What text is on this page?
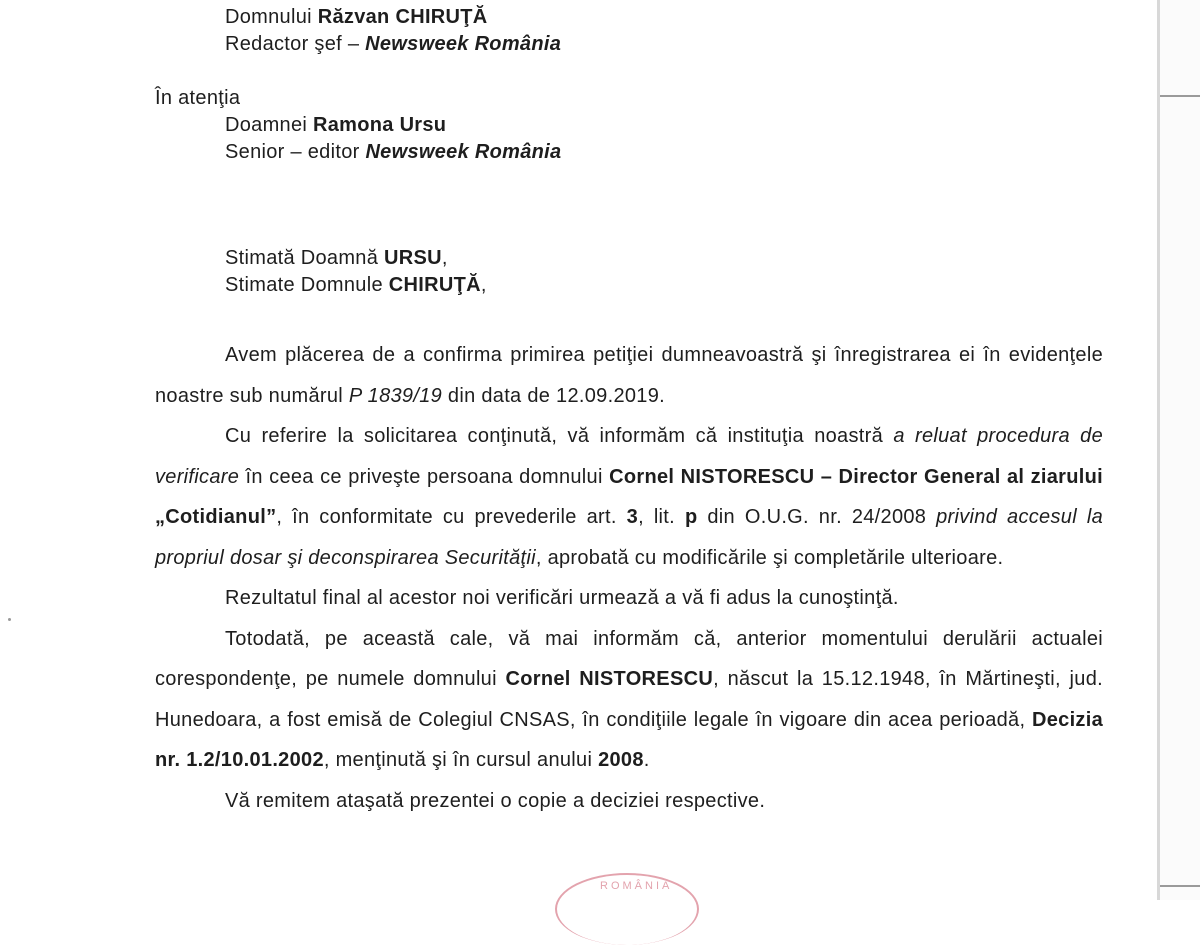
Domnului Răzvan CHIRUŢĂ
Redactor şef – Newsweek România
În atenţia
Doamnei Ramona Ursu
Senior – editor Newsweek România
Stimată Doamnă URSU,
Stimate Domnule CHIRUŢĂ,

Avem plăcerea de a confirma primirea petiţiei dumneavoastră şi înregistrarea ei în evidenţele noastre sub numărul P 1839/19 din data de 12.09.2019.

Cu referire la solicitarea conţinută, vă informăm că instituţia noastră a reluat procedura de verificare în ceea ce priveşte persoana domnului Cornel NISTORESCU – Director General al ziarului „Cotidianul”, în conformitate cu prevederile art. 3, lit. p din O.U.G. nr. 24/2008 privind accesul la propriul dosar şi deconspirarea Securităţii, aprobată cu modificările şi completările ulterioare.

Rezultatul final al acestor noi verificări urmează a vă fi adus la cunoştinţă.

Totodată, pe această cale, vă mai informăm că, anterior momentului derulării actualei corespondenţe, pe numele domnului Cornel NISTORESCU, născut la 15.12.1948, în Mărtineşti, jud. Hunedoara, a fost emisă de Colegiul CNSAS, în condiţiile legale în vigoare din acea perioadă, Decizia nr. 1.2/10.01.2002, menţinută şi în cursul anului 2008.

Vă remitem ataşată prezentei o copie a deciziei respective.

ROMÂNIA
